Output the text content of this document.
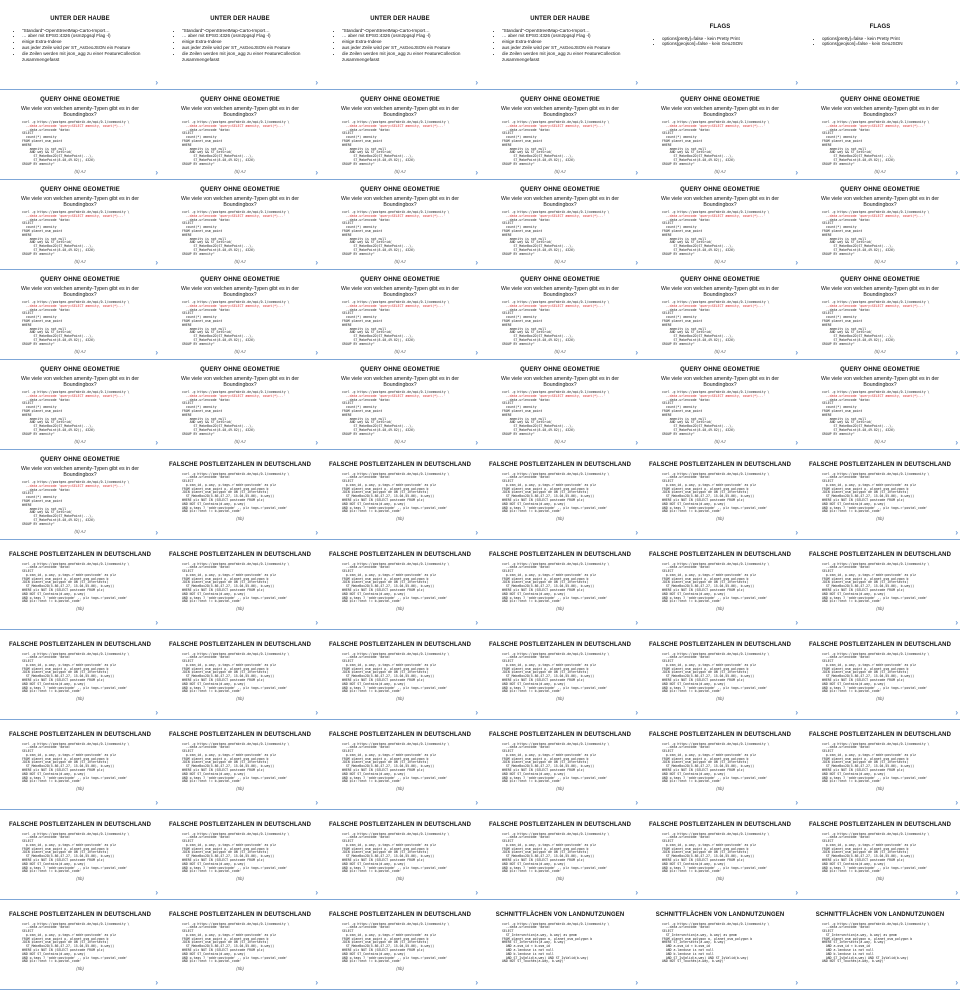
UNTER DER HAUBE
• "Standard"-OpenStreetMap-Carto-Import…
• … aber mit EPSG:4326 (osm2pgsql Flag -l)
• einige Extra-Indexe
• aus jeder Zeile wird per ST_AsGeoJSON ein Feature
• die Zeilen werden mit json_agg zu einer FeatureCollection zusammengefasst
›
UNTER DER HAUBE
• "Standard"-OpenStreetMap-Carto-Import…
• … aber mit EPSG:4326 (osm2pgsql Flag -l)
• einige Extra-Indexe
• aus jeder Zeile wird per ST_AsGeoJSON ein Feature
• die Zeilen werden mit json_agg zu einer FeatureCollection zusammengefasst
›
UNTER DER HAUBE
• "Standard"-OpenStreetMap-Carto-Import…
• … aber mit EPSG:4326 (osm2pgsql Flag -l)
• einige Extra-Indexe
• aus jeder Zeile wird per ST_AsGeoJSON ein Feature
• die Zeilen werden mit json_agg zu einer FeatureCollection zusammengefasst
›
UNTER DER HAUBE
• "Standard"-OpenStreetMap-Carto-Import…
• … aber mit EPSG:4326 (osm2pgsql Flag -l)
• einige Extra-Indexe
• aus jeder Zeile wird per ST_AsGeoJSON ein Feature
• die Zeilen werden mit json_agg zu einer FeatureCollection zusammengefasst
›
FLAGS
• options[pretty]=false - kein Pretty Print
• options[geojson]=false - kein GeoJSON
›
FLAGS
• options[pretty]=false - kein Pretty Print
• options[geojson]=false - kein GeoJSON
›
QUERY OHNE GEOMETRIE
Wie viele von welchen amenity-Typen gibt es in der Boundingbox?
curl -g https://postgeo.geofabrik.de/api/0.1/community \
--data-urlencode 'query=SELECT amenity, count(*)...'
--data-urlencode "data=
SELECT
count(*) amenity
FROM planet_osm_point
WHERE
amenity is not null
AND way && ST_SetSrid(
ST_MakeBox2D(ST_MakePoint(...),
ST_MakePoint(8.40,49.02)), 4326)
GROUP BY amenity"
(5) AJ	›
QUERY OHNE GEOMETRIE
Wie viele von welchen amenity-Typen gibt es in der Boundingbox?
curl -g https://postgeo.geofabrik.de/api/0.1/community \
--data-urlencode 'query=SELECT amenity, count(*)...'
--data-urlencode "data=
SELECT
count(*) amenity
FROM planet_osm_point
WHERE
amenity is not null
AND way && ST_SetSrid(
ST_MakeBox2D(ST_MakePoint(...),
ST_MakePoint(8.40,49.02)), 4326)
GROUP BY amenity"
(5) AJ	›
QUERY OHNE GEOMETRIE
Wie viele von welchen amenity-Typen gibt es in der Boundingbox?
curl -g https://postgeo.geofabrik.de/api/0.1/community \
--data-urlencode 'query=SELECT amenity, count(*)...'
--data-urlencode "data=
SELECT
count(*) amenity
FROM planet_osm_point
WHERE
amenity is not null
AND way && ST_SetSrid(
ST_MakeBox2D(ST_MakePoint(...),
ST_MakePoint(8.40,49.02)), 4326)
GROUP BY amenity"
(5) AJ	›
QUERY OHNE GEOMETRIE
Wie viele von welchen amenity-Typen gibt es in der Boundingbox?
curl -g https://postgeo.geofabrik.de/api/0.1/community \
--data-urlencode 'query=SELECT amenity, count(*)...'
--data-urlencode "data=
SELECT
count(*) amenity
FROM planet_osm_point
WHERE
amenity is not null
AND way && ST_SetSrid(
ST_MakeBox2D(ST_MakePoint(...),
ST_MakePoint(8.40,49.02)), 4326)
GROUP BY amenity"
(5) AJ	›
QUERY OHNE GEOMETRIE
Wie viele von welchen amenity-Typen gibt es in der Boundingbox?
curl -g https://postgeo.geofabrik.de/api/0.1/community \
--data-urlencode 'query=SELECT amenity, count(*)...'
--data-urlencode "data=
SELECT
count(*) amenity
FROM planet_osm_point
WHERE
amenity is not null
AND way && ST_SetSrid(
ST_MakeBox2D(ST_MakePoint(...),
ST_MakePoint(8.40,49.02)), 4326)
GROUP BY amenity"
(5) AJ	›
QUERY OHNE GEOMETRIE
Wie viele von welchen amenity-Typen gibt es in der Boundingbox?
curl -g https://postgeo.geofabrik.de/api/0.1/community \
--data-urlencode 'query=SELECT amenity, count(*)...'
--data-urlencode "data=
SELECT
count(*) amenity
FROM planet_osm_point
WHERE
amenity is not null
AND way && ST_SetSrid(
ST_MakeBox2D(ST_MakePoint(...),
ST_MakePoint(8.40,49.02)), 4326)
GROUP BY amenity"
(5) AJ	›
QUERY OHNE GEOMETRIE
Wie viele von welchen amenity-Typen gibt es in der Boundingbox?
curl -g https://postgeo.geofabrik.de/api/0.1/community \
--data-urlencode 'query=SELECT amenity, count(*)...'
--data-urlencode "data=
SELECT
count(*) amenity
FROM planet_osm_point
WHERE
amenity is not null
AND way && ST_SetSrid(
ST_MakeBox2D(ST_MakePoint(...),
ST_MakePoint(8.40,49.02)), 4326)
GROUP BY amenity"
(5) AJ	›
QUERY OHNE GEOMETRIE
Wie viele von welchen amenity-Typen gibt es in der Boundingbox?
curl -g https://postgeo.geofabrik.de/api/0.1/community \
--data-urlencode 'query=SELECT amenity, count(*)...'
--data-urlencode "data=
SELECT
count(*) amenity
FROM planet_osm_point
WHERE
amenity is not null
AND way && ST_SetSrid(
ST_MakeBox2D(ST_MakePoint(...),
ST_MakePoint(8.40,49.02)), 4326)
GROUP BY amenity"
(5) AJ	›
QUERY OHNE GEOMETRIE
Wie viele von welchen amenity-Typen gibt es in der Boundingbox?
curl -g https://postgeo.geofabrik.de/api/0.1/community \
--data-urlencode 'query=SELECT amenity, count(*)...'
--data-urlencode "data=
SELECT
count(*) amenity
FROM planet_osm_point
WHERE
amenity is not null
AND way && ST_SetSrid(
ST_MakeBox2D(ST_MakePoint(...),
ST_MakePoint(8.40,49.02)), 4326)
GROUP BY amenity"
(5) AJ	›
QUERY OHNE GEOMETRIE
Wie viele von welchen amenity-Typen gibt es in der Boundingbox?
curl -g https://postgeo.geofabrik.de/api/0.1/community \
--data-urlencode 'query=SELECT amenity, count(*)...'
--data-urlencode "data=
SELECT
count(*) amenity
FROM planet_osm_point
WHERE
amenity is not null
AND way && ST_SetSrid(
ST_MakeBox2D(ST_MakePoint(...),
ST_MakePoint(8.40,49.02)), 4326)
GROUP BY amenity"
(5) AJ	›
QUERY OHNE GEOMETRIE
Wie viele von welchen amenity-Typen gibt es in der Boundingbox?
curl -g https://postgeo.geofabrik.de/api/0.1/community \
--data-urlencode 'query=SELECT amenity, count(*)...'
--data-urlencode "data=
SELECT
count(*) amenity
FROM planet_osm_point
WHERE
amenity is not null
AND way && ST_SetSrid(
ST_MakeBox2D(ST_MakePoint(...),
ST_MakePoint(8.40,49.02)), 4326)
GROUP BY amenity"
(5) AJ	›
QUERY OHNE GEOMETRIE
Wie viele von welchen amenity-Typen gibt es in der Boundingbox?
curl -g https://postgeo.geofabrik.de/api/0.1/community \
--data-urlencode 'query=SELECT amenity, count(*)...'
--data-urlencode "data=
SELECT
count(*) amenity
FROM planet_osm_point
WHERE
amenity is not null
AND way && ST_SetSrid(
ST_MakeBox2D(ST_MakePoint(...),
ST_MakePoint(8.40,49.02)), 4326)
GROUP BY amenity"
(5) AJ	›
QUERY OHNE GEOMETRIE
Wie viele von welchen amenity-Typen gibt es in der Boundingbox?
curl -g https://postgeo.geofabrik.de/api/0.1/community \
--data-urlencode 'query=SELECT amenity, count(*)...'
--data-urlencode "data=
SELECT
count(*) amenity
FROM planet_osm_point
WHERE
amenity is not null
AND way && ST_SetSrid(
ST_MakeBox2D(ST_MakePoint(...),
ST_MakePoint(8.40,49.02)), 4326)
GROUP BY amenity"
(5) AJ	›
QUERY OHNE GEOMETRIE
Wie viele von welchen amenity-Typen gibt es in der Boundingbox?
curl -g https://postgeo.geofabrik.de/api/0.1/community \
--data-urlencode 'query=SELECT amenity, count(*)...'
--data-urlencode "data=
SELECT
count(*) amenity
FROM planet_osm_point
WHERE
amenity is not null
AND way && ST_SetSrid(
ST_MakeBox2D(ST_MakePoint(...),
ST_MakePoint(8.40,49.02)), 4326)
GROUP BY amenity"
(5) AJ	›
QUERY OHNE GEOMETRIE
Wie viele von welchen amenity-Typen gibt es in der Boundingbox?
curl -g https://postgeo.geofabrik.de/api/0.1/community \
--data-urlencode 'query=SELECT amenity, count(*)...'
--data-urlencode "data=
SELECT
count(*) amenity
FROM planet_osm_point
WHERE
amenity is not null
AND way && ST_SetSrid(
ST_MakeBox2D(ST_MakePoint(...),
ST_MakePoint(8.40,49.02)), 4326)
GROUP BY amenity"
(5) AJ	›
QUERY OHNE GEOMETRIE
Wie viele von welchen amenity-Typen gibt es in der Boundingbox?
curl -g https://postgeo.geofabrik.de/api/0.1/community \
--data-urlencode 'query=SELECT amenity, count(*)...'
--data-urlencode "data=
SELECT
count(*) amenity
FROM planet_osm_point
WHERE
amenity is not null
AND way && ST_SetSrid(
ST_MakeBox2D(ST_MakePoint(...),
ST_MakePoint(8.40,49.02)), 4326)
GROUP BY amenity"
(5) AJ	›
QUERY OHNE GEOMETRIE
Wie viele von welchen amenity-Typen gibt es in der Boundingbox?
curl -g https://postgeo.geofabrik.de/api/0.1/community \
--data-urlencode 'query=SELECT amenity, count(*)...'
--data-urlencode "data=
SELECT
count(*) amenity
FROM planet_osm_point
WHERE
amenity is not null
AND way && ST_SetSrid(
ST_MakeBox2D(ST_MakePoint(...),
ST_MakePoint(8.40,49.02)), 4326)
GROUP BY amenity"
(5) AJ	›
QUERY OHNE GEOMETRIE
Wie viele von welchen amenity-Typen gibt es in der Boundingbox?
curl -g https://postgeo.geofabrik.de/api/0.1/community \
--data-urlencode 'query=SELECT amenity, count(*)...'
--data-urlencode "data=
SELECT
count(*) amenity
FROM planet_osm_point
WHERE
amenity is not null
AND way && ST_SetSrid(
ST_MakeBox2D(ST_MakePoint(...),
ST_MakePoint(8.40,49.02)), 4326)
GROUP BY amenity"
(5) AJ	›
QUERY OHNE GEOMETRIE
Wie viele von welchen amenity-Typen gibt es in der Boundingbox?
curl -g https://postgeo.geofabrik.de/api/0.1/community \
--data-urlencode 'query=SELECT amenity, count(*)...'
--data-urlencode "data=
SELECT
count(*) amenity
FROM planet_osm_point
WHERE
amenity is not null
AND way && ST_SetSrid(
ST_MakeBox2D(ST_MakePoint(...),
ST_MakePoint(8.40,49.02)), 4326)
GROUP BY amenity"
(5) AJ	›
QUERY OHNE GEOMETRIE
Wie viele von welchen amenity-Typen gibt es in der Boundingbox?
curl -g https://postgeo.geofabrik.de/api/0.1/community \
--data-urlencode 'query=SELECT amenity, count(*)...'
--data-urlencode "data=
SELECT
count(*) amenity
FROM planet_osm_point
WHERE
amenity is not null
AND way && ST_SetSrid(
ST_MakeBox2D(ST_MakePoint(...),
ST_MakePoint(8.40,49.02)), 4326)
GROUP BY amenity"
(5) AJ	›
QUERY OHNE GEOMETRIE
Wie viele von welchen amenity-Typen gibt es in der Boundingbox?
curl -g https://postgeo.geofabrik.de/api/0.1/community \
--data-urlencode 'query=SELECT amenity, count(*)...'
--data-urlencode "data=
SELECT
count(*) amenity
FROM planet_osm_point
WHERE
amenity is not null
AND way && ST_SetSrid(
ST_MakeBox2D(ST_MakePoint(...),
ST_MakePoint(8.40,49.02)), 4326)
GROUP BY amenity"
(5) AJ	›
QUERY OHNE GEOMETRIE
Wie viele von welchen amenity-Typen gibt es in der Boundingbox?
curl -g https://postgeo.geofabrik.de/api/0.1/community \
--data-urlencode 'query=SELECT amenity, count(*)...'
--data-urlencode "data=
SELECT
count(*) amenity
FROM planet_osm_point
WHERE
amenity is not null
AND way && ST_SetSrid(
ST_MakeBox2D(ST_MakePoint(...),
ST_MakePoint(8.40,49.02)), 4326)
GROUP BY amenity"
(5) AJ	›
QUERY OHNE GEOMETRIE
Wie viele von welchen amenity-Typen gibt es in der Boundingbox?
curl -g https://postgeo.geofabrik.de/api/0.1/community \
--data-urlencode 'query=SELECT amenity, count(*)...'
--data-urlencode "data=
SELECT
count(*) amenity
FROM planet_osm_point
WHERE
amenity is not null
AND way && ST_SetSrid(
ST_MakeBox2D(ST_MakePoint(...),
ST_MakePoint(8.40,49.02)), 4326)
GROUP BY amenity"
(5) AJ	›
QUERY OHNE GEOMETRIE
Wie viele von welchen amenity-Typen gibt es in der Boundingbox?
curl -g https://postgeo.geofabrik.de/api/0.1/community \
--data-urlencode 'query=SELECT amenity, count(*)...'
--data-urlencode "data=
SELECT
count(*) amenity
FROM planet_osm_point
WHERE
amenity is not null
AND way && ST_SetSrid(
ST_MakeBox2D(ST_MakePoint(...),
ST_MakePoint(8.40,49.02)), 4326)
GROUP BY amenity"
(5) AJ	›
QUERY OHNE GEOMETRIE
Wie viele von welchen amenity-Typen gibt es in der Boundingbox?
curl -g https://postgeo.geofabrik.de/api/0.1/community \
--data-urlencode 'query=SELECT amenity, count(*)...'
--data-urlencode "data=
SELECT
count(*) amenity
FROM planet_osm_point
WHERE
amenity is not null
AND way && ST_SetSrid(
ST_MakeBox2D(ST_MakePoint(...),
ST_MakePoint(8.40,49.02)), 4326)
GROUP BY amenity"
(5) AJ	›
FALSCHE POSTLEITZAHLEN IN DEUTSCHLAND
curl -g https://postgeo.geofabrik.de/api/0.1/community \
--data-urlencode 'data=
SELECT
p.osm_id, p.way, p.tags->'addr:postcode' as plz
FROM planet_osm_point p, planet_osm_polygon b
JOIN planet_osm_polygon de ON (ST_Intersects(
ST_MakeBox2D(5.86,47.27, 15.04,55.06), b.way))
WHERE plz NOT IN (SELECT postcode FROM plz)
AND NOT ST_Contains(d.way, p.way)
AND p.tags ? 'addr:postcode' -- plz tags->'postal_code'
AND plz::text != b.postal_code'
(5b)
›
FALSCHE POSTLEITZAHLEN IN DEUTSCHLAND
curl -g https://postgeo.geofabrik.de/api/0.1/community \
--data-urlencode 'data=
SELECT
p.osm_id, p.way, p.tags->'addr:postcode' as plz
FROM planet_osm_point p, planet_osm_polygon b
JOIN planet_osm_polygon de ON (ST_Intersects(
ST_MakeBox2D(5.86,47.27, 15.04,55.06), b.way))
WHERE plz NOT IN (SELECT postcode FROM plz)
AND NOT ST_Contains(d.way, p.way)
AND p.tags ? 'addr:postcode' -- plz tags->'postal_code'
AND plz::text != b.postal_code'
(5b)
›
FALSCHE POSTLEITZAHLEN IN DEUTSCHLAND
curl -g https://postgeo.geofabrik.de/api/0.1/community \
--data-urlencode 'data=
SELECT
p.osm_id, p.way, p.tags->'addr:postcode' as plz
FROM planet_osm_point p, planet_osm_polygon b
JOIN planet_osm_polygon de ON (ST_Intersects(
ST_MakeBox2D(5.86,47.27, 15.04,55.06), b.way))
WHERE plz NOT IN (SELECT postcode FROM plz)
AND NOT ST_Contains(d.way, p.way)
AND p.tags ? 'addr:postcode' -- plz tags->'postal_code'
AND plz::text != b.postal_code'
(5b)
›
FALSCHE POSTLEITZAHLEN IN DEUTSCHLAND
curl -g https://postgeo.geofabrik.de/api/0.1/community \
--data-urlencode 'data=
SELECT
p.osm_id, p.way, p.tags->'addr:postcode' as plz
FROM planet_osm_point p, planet_osm_polygon b
JOIN planet_osm_polygon de ON (ST_Intersects(
ST_MakeBox2D(5.86,47.27, 15.04,55.06), b.way))
WHERE plz NOT IN (SELECT postcode FROM plz)
AND NOT ST_Contains(d.way, p.way)
AND p.tags ? 'addr:postcode' -- plz tags->'postal_code'
AND plz::text != b.postal_code'
(5b)
›
FALSCHE POSTLEITZAHLEN IN DEUTSCHLAND
curl -g https://postgeo.geofabrik.de/api/0.1/community \
--data-urlencode 'data=
SELECT
p.osm_id, p.way, p.tags->'addr:postcode' as plz
FROM planet_osm_point p, planet_osm_polygon b
JOIN planet_osm_polygon de ON (ST_Intersects(
ST_MakeBox2D(5.86,47.27, 15.04,55.06), b.way))
WHERE plz NOT IN (SELECT postcode FROM plz)
AND NOT ST_Contains(d.way, p.way)
AND p.tags ? 'addr:postcode' -- plz tags->'postal_code'
AND plz::text != b.postal_code'
(5b)
›
FALSCHE POSTLEITZAHLEN IN DEUTSCHLAND
curl -g https://postgeo.geofabrik.de/api/0.1/community \
--data-urlencode 'data=
SELECT
p.osm_id, p.way, p.tags->'addr:postcode' as plz
FROM planet_osm_point p, planet_osm_polygon b
JOIN planet_osm_polygon de ON (ST_Intersects(
ST_MakeBox2D(5.86,47.27, 15.04,55.06), b.way))
WHERE plz NOT IN (SELECT postcode FROM plz)
AND NOT ST_Contains(d.way, p.way)
AND p.tags ? 'addr:postcode' -- plz tags->'postal_code'
AND plz::text != b.postal_code'
(5b)
›
FALSCHE POSTLEITZAHLEN IN DEUTSCHLAND
curl -g https://postgeo.geofabrik.de/api/0.1/community \
--data-urlencode 'data=
SELECT
p.osm_id, p.way, p.tags->'addr:postcode' as plz
FROM planet_osm_point p, planet_osm_polygon b
JOIN planet_osm_polygon de ON (ST_Intersects(
ST_MakeBox2D(5.86,47.27, 15.04,55.06), b.way))
WHERE plz NOT IN (SELECT postcode FROM plz)
AND NOT ST_Contains(d.way, p.way)
AND p.tags ? 'addr:postcode' -- plz tags->'postal_code'
AND plz::text != b.postal_code'
(5b)
›
FALSCHE POSTLEITZAHLEN IN DEUTSCHLAND
curl -g https://postgeo.geofabrik.de/api/0.1/community \
--data-urlencode 'data=
SELECT
p.osm_id, p.way, p.tags->'addr:postcode' as plz
FROM planet_osm_point p, planet_osm_polygon b
JOIN planet_osm_polygon de ON (ST_Intersects(
ST_MakeBox2D(5.86,47.27, 15.04,55.06), b.way))
WHERE plz NOT IN (SELECT postcode FROM plz)
AND NOT ST_Contains(d.way, p.way)
AND p.tags ? 'addr:postcode' -- plz tags->'postal_code'
AND plz::text != b.postal_code'
(5b)
›
FALSCHE POSTLEITZAHLEN IN DEUTSCHLAND
curl -g https://postgeo.geofabrik.de/api/0.1/community \
--data-urlencode 'data=
SELECT
p.osm_id, p.way, p.tags->'addr:postcode' as plz
FROM planet_osm_point p, planet_osm_polygon b
JOIN planet_osm_polygon de ON (ST_Intersects(
ST_MakeBox2D(5.86,47.27, 15.04,55.06), b.way))
WHERE plz NOT IN (SELECT postcode FROM plz)
AND NOT ST_Contains(d.way, p.way)
AND p.tags ? 'addr:postcode' -- plz tags->'postal_code'
AND plz::text != b.postal_code'
(5b)
›
FALSCHE POSTLEITZAHLEN IN DEUTSCHLAND
curl -g https://postgeo.geofabrik.de/api/0.1/community \
--data-urlencode 'data=
SELECT
p.osm_id, p.way, p.tags->'addr:postcode' as plz
FROM planet_osm_point p, planet_osm_polygon b
JOIN planet_osm_polygon de ON (ST_Intersects(
ST_MakeBox2D(5.86,47.27, 15.04,55.06), b.way))
WHERE plz NOT IN (SELECT postcode FROM plz)
AND NOT ST_Contains(d.way, p.way)
AND p.tags ? 'addr:postcode' -- plz tags->'postal_code'
AND plz::text != b.postal_code'
(5b)
›
FALSCHE POSTLEITZAHLEN IN DEUTSCHLAND
curl -g https://postgeo.geofabrik.de/api/0.1/community \
--data-urlencode 'data=
SELECT
p.osm_id, p.way, p.tags->'addr:postcode' as plz
FROM planet_osm_point p, planet_osm_polygon b
JOIN planet_osm_polygon de ON (ST_Intersects(
ST_MakeBox2D(5.86,47.27, 15.04,55.06), b.way))
WHERE plz NOT IN (SELECT postcode FROM plz)
AND NOT ST_Contains(d.way, p.way)
AND p.tags ? 'addr:postcode' -- plz tags->'postal_code'
AND plz::text != b.postal_code'
(5b)
›
FALSCHE POSTLEITZAHLEN IN DEUTSCHLAND
curl -g https://postgeo.geofabrik.de/api/0.1/community \
--data-urlencode 'data=
SELECT
p.osm_id, p.way, p.tags->'addr:postcode' as plz
FROM planet_osm_point p, planet_osm_polygon b
JOIN planet_osm_polygon de ON (ST_Intersects(
ST_MakeBox2D(5.86,47.27, 15.04,55.06), b.way))
WHERE plz NOT IN (SELECT postcode FROM plz)
AND NOT ST_Contains(d.way, p.way)
AND p.tags ? 'addr:postcode' -- plz tags->'postal_code'
AND plz::text != b.postal_code'
(5b)
›
FALSCHE POSTLEITZAHLEN IN DEUTSCHLAND
curl -g https://postgeo.geofabrik.de/api/0.1/community \
--data-urlencode 'data=
SELECT
p.osm_id, p.way, p.tags->'addr:postcode' as plz
FROM planet_osm_point p, planet_osm_polygon b
JOIN planet_osm_polygon de ON (ST_Intersects(
ST_MakeBox2D(5.86,47.27, 15.04,55.06), b.way))
WHERE plz NOT IN (SELECT postcode FROM plz)
AND NOT ST_Contains(d.way, p.way)
AND p.tags ? 'addr:postcode' -- plz tags->'postal_code'
AND plz::text != b.postal_code'
(5b)
›
FALSCHE POSTLEITZAHLEN IN DEUTSCHLAND
curl -g https://postgeo.geofabrik.de/api/0.1/community \
--data-urlencode 'data=
SELECT
p.osm_id, p.way, p.tags->'addr:postcode' as plz
FROM planet_osm_point p, planet_osm_polygon b
JOIN planet_osm_polygon de ON (ST_Intersects(
ST_MakeBox2D(5.86,47.27, 15.04,55.06), b.way))
WHERE plz NOT IN (SELECT postcode FROM plz)
AND NOT ST_Contains(d.way, p.way)
AND p.tags ? 'addr:postcode' -- plz tags->'postal_code'
AND plz::text != b.postal_code'
(5b)
›
FALSCHE POSTLEITZAHLEN IN DEUTSCHLAND
curl -g https://postgeo.geofabrik.de/api/0.1/community \
--data-urlencode 'data=
SELECT
p.osm_id, p.way, p.tags->'addr:postcode' as plz
FROM planet_osm_point p, planet_osm_polygon b
JOIN planet_osm_polygon de ON (ST_Intersects(
ST_MakeBox2D(5.86,47.27, 15.04,55.06), b.way))
WHERE plz NOT IN (SELECT postcode FROM plz)
AND NOT ST_Contains(d.way, p.way)
AND p.tags ? 'addr:postcode' -- plz tags->'postal_code'
AND plz::text != b.postal_code'
(5b)
›
FALSCHE POSTLEITZAHLEN IN DEUTSCHLAND
curl -g https://postgeo.geofabrik.de/api/0.1/community \
--data-urlencode 'data=
SELECT
p.osm_id, p.way, p.tags->'addr:postcode' as plz
FROM planet_osm_point p, planet_osm_polygon b
JOIN planet_osm_polygon de ON (ST_Intersects(
ST_MakeBox2D(5.86,47.27, 15.04,55.06), b.way))
WHERE plz NOT IN (SELECT postcode FROM plz)
AND NOT ST_Contains(d.way, p.way)
AND p.tags ? 'addr:postcode' -- plz tags->'postal_code'
AND plz::text != b.postal_code'
(5b)
›
FALSCHE POSTLEITZAHLEN IN DEUTSCHLAND
curl -g https://postgeo.geofabrik.de/api/0.1/community \
--data-urlencode 'data=
SELECT
p.osm_id, p.way, p.tags->'addr:postcode' as plz
FROM planet_osm_point p, planet_osm_polygon b
JOIN planet_osm_polygon de ON (ST_Intersects(
ST_MakeBox2D(5.86,47.27, 15.04,55.06), b.way))
WHERE plz NOT IN (SELECT postcode FROM plz)
AND NOT ST_Contains(d.way, p.way)
AND p.tags ? 'addr:postcode' -- plz tags->'postal_code'
AND plz::text != b.postal_code'
(5b)
›
FALSCHE POSTLEITZAHLEN IN DEUTSCHLAND
curl -g https://postgeo.geofabrik.de/api/0.1/community \
--data-urlencode 'data=
SELECT
p.osm_id, p.way, p.tags->'addr:postcode' as plz
FROM planet_osm_point p, planet_osm_polygon b
JOIN planet_osm_polygon de ON (ST_Intersects(
ST_MakeBox2D(5.86,47.27, 15.04,55.06), b.way))
WHERE plz NOT IN (SELECT postcode FROM plz)
AND NOT ST_Contains(d.way, p.way)
AND p.tags ? 'addr:postcode' -- plz tags->'postal_code'
AND plz::text != b.postal_code'
(5b)
›
FALSCHE POSTLEITZAHLEN IN DEUTSCHLAND
curl -g https://postgeo.geofabrik.de/api/0.1/community \
--data-urlencode 'data=
SELECT
p.osm_id, p.way, p.tags->'addr:postcode' as plz
FROM planet_osm_point p, planet_osm_polygon b
JOIN planet_osm_polygon de ON (ST_Intersects(
ST_MakeBox2D(5.86,47.27, 15.04,55.06), b.way))
WHERE plz NOT IN (SELECT postcode FROM plz)
AND NOT ST_Contains(d.way, p.way)
AND p.tags ? 'addr:postcode' -- plz tags->'postal_code'
AND plz::text != b.postal_code'
(5b)
›
FALSCHE POSTLEITZAHLEN IN DEUTSCHLAND
curl -g https://postgeo.geofabrik.de/api/0.1/community \
--data-urlencode 'data=
SELECT
p.osm_id, p.way, p.tags->'addr:postcode' as plz
FROM planet_osm_point p, planet_osm_polygon b
JOIN planet_osm_polygon de ON (ST_Intersects(
ST_MakeBox2D(5.86,47.27, 15.04,55.06), b.way))
WHERE plz NOT IN (SELECT postcode FROM plz)
AND NOT ST_Contains(d.way, p.way)
AND p.tags ? 'addr:postcode' -- plz tags->'postal_code'
AND plz::text != b.postal_code'
(5b)
›
FALSCHE POSTLEITZAHLEN IN DEUTSCHLAND
curl -g https://postgeo.geofabrik.de/api/0.1/community \
--data-urlencode 'data=
SELECT
p.osm_id, p.way, p.tags->'addr:postcode' as plz
FROM planet_osm_point p, planet_osm_polygon b
JOIN planet_osm_polygon de ON (ST_Intersects(
ST_MakeBox2D(5.86,47.27, 15.04,55.06), b.way))
WHERE plz NOT IN (SELECT postcode FROM plz)
AND NOT ST_Contains(d.way, p.way)
AND p.tags ? 'addr:postcode' -- plz tags->'postal_code'
AND plz::text != b.postal_code'
(5b)
›
FALSCHE POSTLEITZAHLEN IN DEUTSCHLAND
curl -g https://postgeo.geofabrik.de/api/0.1/community \
--data-urlencode 'data=
SELECT
p.osm_id, p.way, p.tags->'addr:postcode' as plz
FROM planet_osm_point p, planet_osm_polygon b
JOIN planet_osm_polygon de ON (ST_Intersects(
ST_MakeBox2D(5.86,47.27, 15.04,55.06), b.way))
WHERE plz NOT IN (SELECT postcode FROM plz)
AND NOT ST_Contains(d.way, p.way)
AND p.tags ? 'addr:postcode' -- plz tags->'postal_code'
AND plz::text != b.postal_code'
(5b)
›
FALSCHE POSTLEITZAHLEN IN DEUTSCHLAND
curl -g https://postgeo.geofabrik.de/api/0.1/community \
--data-urlencode 'data=
SELECT
p.osm_id, p.way, p.tags->'addr:postcode' as plz
FROM planet_osm_point p, planet_osm_polygon b
JOIN planet_osm_polygon de ON (ST_Intersects(
ST_MakeBox2D(5.86,47.27, 15.04,55.06), b.way))
WHERE plz NOT IN (SELECT postcode FROM plz)
AND NOT ST_Contains(d.way, p.way)
AND p.tags ? 'addr:postcode' -- plz tags->'postal_code'
AND plz::text != b.postal_code'
(5b)
›
FALSCHE POSTLEITZAHLEN IN DEUTSCHLAND
curl -g https://postgeo.geofabrik.de/api/0.1/community \
--data-urlencode 'data=
SELECT
p.osm_id, p.way, p.tags->'addr:postcode' as plz
FROM planet_osm_point p, planet_osm_polygon b
JOIN planet_osm_polygon de ON (ST_Intersects(
ST_MakeBox2D(5.86,47.27, 15.04,55.06), b.way))
WHERE plz NOT IN (SELECT postcode FROM plz)
AND NOT ST_Contains(d.way, p.way)
AND p.tags ? 'addr:postcode' -- plz tags->'postal_code'
AND plz::text != b.postal_code'
(5b)
›
FALSCHE POSTLEITZAHLEN IN DEUTSCHLAND
curl -g https://postgeo.geofabrik.de/api/0.1/community \
--data-urlencode 'data=
SELECT
p.osm_id, p.way, p.tags->'addr:postcode' as plz
FROM planet_osm_point p, planet_osm_polygon b
JOIN planet_osm_polygon de ON (ST_Intersects(
ST_MakeBox2D(5.86,47.27, 15.04,55.06), b.way))
WHERE plz NOT IN (SELECT postcode FROM plz)
AND NOT ST_Contains(d.way, p.way)
AND p.tags ? 'addr:postcode' -- plz tags->'postal_code'
AND plz::text != b.postal_code'
(5b)
›
FALSCHE POSTLEITZAHLEN IN DEUTSCHLAND
curl -g https://postgeo.geofabrik.de/api/0.1/community \
--data-urlencode 'data=
SELECT
p.osm_id, p.way, p.tags->'addr:postcode' as plz
FROM planet_osm_point p, planet_osm_polygon b
JOIN planet_osm_polygon de ON (ST_Intersects(
ST_MakeBox2D(5.86,47.27, 15.04,55.06), b.way))
WHERE plz NOT IN (SELECT postcode FROM plz)
AND NOT ST_Contains(d.way, p.way)
AND p.tags ? 'addr:postcode' -- plz tags->'postal_code'
AND plz::text != b.postal_code'
(5b)
›
FALSCHE POSTLEITZAHLEN IN DEUTSCHLAND
curl -g https://postgeo.geofabrik.de/api/0.1/community \
--data-urlencode 'data=
SELECT
p.osm_id, p.way, p.tags->'addr:postcode' as plz
FROM planet_osm_point p, planet_osm_polygon b
JOIN planet_osm_polygon de ON (ST_Intersects(
ST_MakeBox2D(5.86,47.27, 15.04,55.06), b.way))
WHERE plz NOT IN (SELECT postcode FROM plz)
AND NOT ST_Contains(d.way, p.way)
AND p.tags ? 'addr:postcode' -- plz tags->'postal_code'
AND plz::text != b.postal_code'
(5b)
›
FALSCHE POSTLEITZAHLEN IN DEUTSCHLAND
curl -g https://postgeo.geofabrik.de/api/0.1/community \
--data-urlencode 'data=
SELECT
p.osm_id, p.way, p.tags->'addr:postcode' as plz
FROM planet_osm_point p, planet_osm_polygon b
JOIN planet_osm_polygon de ON (ST_Intersects(
ST_MakeBox2D(5.86,47.27, 15.04,55.06), b.way))
WHERE plz NOT IN (SELECT postcode FROM plz)
AND NOT ST_Contains(d.way, p.way)
AND p.tags ? 'addr:postcode' -- plz tags->'postal_code'
AND plz::text != b.postal_code'
(5b)
›
FALSCHE POSTLEITZAHLEN IN DEUTSCHLAND
curl -g https://postgeo.geofabrik.de/api/0.1/community \
--data-urlencode 'data=
SELECT
p.osm_id, p.way, p.tags->'addr:postcode' as plz
FROM planet_osm_point p, planet_osm_polygon b
JOIN planet_osm_polygon de ON (ST_Intersects(
ST_MakeBox2D(5.86,47.27, 15.04,55.06), b.way))
WHERE plz NOT IN (SELECT postcode FROM plz)
AND NOT ST_Contains(d.way, p.way)
AND p.tags ? 'addr:postcode' -- plz tags->'postal_code'
AND plz::text != b.postal_code'
(5b)
›
FALSCHE POSTLEITZAHLEN IN DEUTSCHLAND
curl -g https://postgeo.geofabrik.de/api/0.1/community \
--data-urlencode 'data=
SELECT
p.osm_id, p.way, p.tags->'addr:postcode' as plz
FROM planet_osm_point p, planet_osm_polygon b
JOIN planet_osm_polygon de ON (ST_Intersects(
ST_MakeBox2D(5.86,47.27, 15.04,55.06), b.way))
WHERE plz NOT IN (SELECT postcode FROM plz)
AND NOT ST_Contains(d.way, p.way)
AND p.tags ? 'addr:postcode' -- plz tags->'postal_code'
AND plz::text != b.postal_code'
(5b)
›
FALSCHE POSTLEITZAHLEN IN DEUTSCHLAND
curl -g https://postgeo.geofabrik.de/api/0.1/community \
--data-urlencode 'data=
SELECT
p.osm_id, p.way, p.tags->'addr:postcode' as plz
FROM planet_osm_point p, planet_osm_polygon b
JOIN planet_osm_polygon de ON (ST_Intersects(
ST_MakeBox2D(5.86,47.27, 15.04,55.06), b.way))
WHERE plz NOT IN (SELECT postcode FROM plz)
AND NOT ST_Contains(d.way, p.way)
AND p.tags ? 'addr:postcode' -- plz tags->'postal_code'
AND plz::text != b.postal_code'
(5b)
›
FALSCHE POSTLEITZAHLEN IN DEUTSCHLAND
curl -g https://postgeo.geofabrik.de/api/0.1/community \
--data-urlencode 'data=
SELECT
p.osm_id, p.way, p.tags->'addr:postcode' as plz
FROM planet_osm_point p, planet_osm_polygon b
JOIN planet_osm_polygon de ON (ST_Intersects(
ST_MakeBox2D(5.86,47.27, 15.04,55.06), b.way))
WHERE plz NOT IN (SELECT postcode FROM plz)
AND NOT ST_Contains(d.way, p.way)
AND p.tags ? 'addr:postcode' -- plz tags->'postal_code'
AND plz::text != b.postal_code'
(5b)
›
SCHNITTFLÄCHEN VON LANDNUTZUNGEN
curl -g https://postgeo.geofabrik.de/api/0.1/community \
--data-urlencode 'data=
SELECT
ST_Intersection(a.way, b.way) as geom
FROM planet_osm_polygon a, planet_osm_polygon b
WHERE ST_Intersects(a.way, b.way)
AND a.osm_id < b.osm_id
AND a.landuse is not null
AND b.landuse is not null
AND ST_IsValid(a.way) AND ST_IsValid(b.way)
AND NOT ST_Touches(a.way, b.way)'
›
SCHNITTFLÄCHEN VON LANDNUTZUNGEN
curl -g https://postgeo.geofabrik.de/api/0.1/community \
--data-urlencode 'data=
SELECT
ST_Intersection(a.way, b.way) as geom
FROM planet_osm_polygon a, planet_osm_polygon b
WHERE ST_Intersects(a.way, b.way)
AND a.osm_id < b.osm_id
AND a.landuse is not null
AND b.landuse is not null
AND ST_IsValid(a.way) AND ST_IsValid(b.way)
AND NOT ST_Touches(a.way, b.way)'
›
SCHNITTFLÄCHEN VON LANDNUTZUNGEN
curl -g https://postgeo.geofabrik.de/api/0.1/community \
--data-urlencode 'data=
SELECT
ST_Intersection(a.way, b.way) as geom
FROM planet_osm_polygon a, planet_osm_polygon b
WHERE ST_Intersects(a.way, b.way)
AND a.osm_id < b.osm_id
AND a.landuse is not null
AND b.landuse is not null
AND ST_IsValid(a.way) AND ST_IsValid(b.way)
AND NOT ST_Touches(a.way, b.way)'
›
